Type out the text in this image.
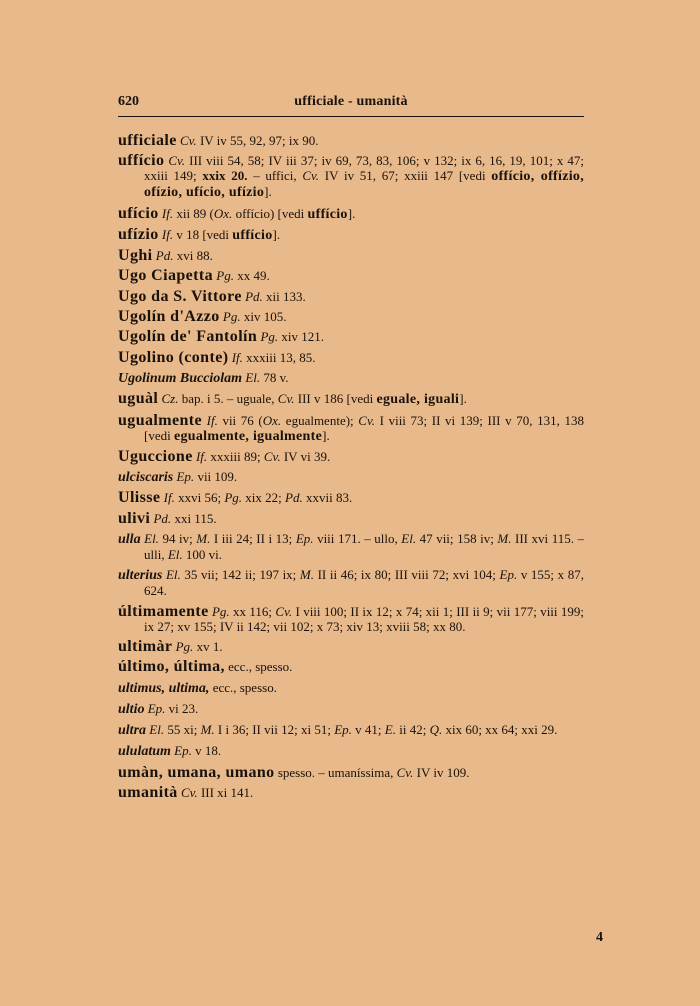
620	ufficiale - umanità
ufficiale Cv. IV iv 55, 92, 97; ix 90.
uffício Cv. III viii 54, 58; IV iii 37; iv 69, 73, 83, 106; v 132; ix 6, 16, 19, 101; x 47; xxiii 149; xxix 20. – uffici, Cv. IV iv 51, 67; xxiii 147 [vedi offício, offízio, ofízio, ufício, ufízio].
ufício If. xii 89 (Ox. offício) [vedi uffício].
ufízio If. v 18 [vedi uffício].
Ughi Pd. xvi 88.
Ugo Ciapetta Pg. xx 49.
Ugo da S. Vittore Pd. xii 133.
Ugolín d'Azzo Pg. xiv 105.
Ugolín de' Fantolín Pg. xiv 121.
Ugolino (conte) If. xxxiii 13, 85.
Ugolinum Bucciolam El. 78 v.
uguàl Cz. bap. i 5. – uguale, Cv. III v 186 [vedi eguale, iguali].
ugualmente If. vii 76 (Ox. egualmente); Cv. I viii 73; II vi 139; III v 70, 131, 138 [vedi egualmente, igualmente].
Uguccione If. xxxiii 89; Cv. IV vi 39.
ulciscaris Ep. vii 109.
Ulisse If. xxvi 56; Pg. xix 22; Pd. xxvii 83.
ulivi Pd. xxi 115.
ulla El. 94 iv; M. I iii 24; II i 13; Ep. viii 171. – ullo, El. 47 vii; 158 iv; M. III xvi 115. – ulli, El. 100 vi.
ulterius El. 35 vii; 142 ii; 197 ix; M. II ii 46; ix 80; III viii 72; xvi 104; Ep. v 155; x 87, 624.
últimamente Pg. xx 116; Cv. I viii 100; II ix 12; x 74; xii 1; III ii 9; vii 177; viii 199; ix 27; xv 155; IV ii 142; vii 102; x 73; xiv 13; xviii 58; xx 80.
ultimàr Pg. xv 1.
último, última, ecc., spesso.
ultimus, ultima, ecc., spesso.
ultio Ep. vi 23.
ultra El. 55 xi; M. I i 36; II vii 12; xi 51; Ep. v 41; E. ii 42; Q. xix 60; xx 64; xxi 29.
ululatum Ep. v 18.
umàn, umana, umano spesso. – umaníssima, Cv. IV iv 109.
umanità Cv. III xi 141.
4
